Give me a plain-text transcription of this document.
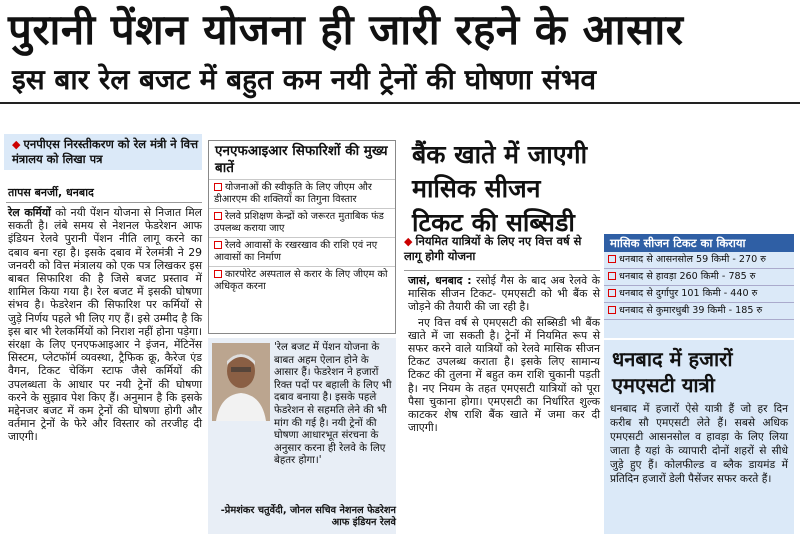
पुरानी पेंशन योजना ही जारी रहने के आसार
इस बार रेल बजट में बहुत कम नयी ट्रेनों की घोषणा संभव
◆ एनपीएस निरस्तीकरण को रेल मंत्री ने वित्त मंत्रालय को लिखा पत्र
तापस बनर्जी, धनबाद
रेल कर्मियों को नयी पेंशन योजना से निजात मिल सकती है। लंबे समय से नेशनल फेडरेशन आफ इंडियन रेलवे पुरानी पेंशन नीति लागू करने का दबाव बना रहा है। इसके दबाव में रेलमंत्री ने 29 जनवरी को वित्त मंत्रालय को एक पत्र लिखकर इस बाबत सिफारिश की है जिसे बजट प्रस्ताव में शामिल किया गया है। रेल बजट में इसकी घोषणा संभव है। फेडरेशन की सिफारिश पर कर्मियों से जुड़े निर्णय पहले भी लिए गए हैं। इसे उम्मीद है कि इस बार भी रेलकर्मियों को निराश नहीं होना पड़ेगा। संरक्षा के लिए एनएफआइआर ने इंजन, मेंटिनेंस सिस्टम, प्लेटफॉर्म व्यवस्था, ट्रैफिक क्रू, कैरेज एंड वैगन, टिकट चेकिंग स्टाफ जैसे कर्मियों की उपलब्धता के आधार पर नयी ट्रेनों की घोषणा करने के सुझाव पेश किए हैं। अनुमान है कि इसके मद्देनजर बजट में कम ट्रेनों की घोषणा होगी और वर्तमान ट्रेनों के फेरे और विस्तार को तरजीह दी जाएगी।
एनएफआइआर सिफारिशों की मुख्य बातें
योजनाओं की स्वीकृति के लिए जीएम और डीआरएम की शक्तियों का तिगुना विस्तार
रेलवे प्रशिक्षण केन्द्रों को जरूरत मुताबिक फंड उपलब्ध कराया जाए
रेलवे आवासों के रखरखाव की राशि एवं नए आवासों का निर्माण
कारपोरेट अस्पताल से करार के लिए जीएम को अधिकृत करना
'रेल बजट में पेंशन योजना के बाबत अहम ऐलान होने के आसार हैं। फेडरेशन ने हजारों रिक्त पदों पर बहाली के लिए भी दबाव बनाया है। इसके पहले फेडरेशन से सहमति लेने की भी मांग की गई है। नयी ट्रेनों की घोषणा आधारभूत संरचना के अनुसार करना ही रेलवे के लिए बेहतर होगा।'
-प्रेमशंकर चतुर्वेदी, जोनल सचिव नेशनल फेडरेशन आफ इंडियन रेलवे
बैंक खाते में जाएगी मासिक सीजन टिकट की सब्सिडी
◆ नियमित यात्रियों के लिए नए वित्त वर्ष से लागू होगी योजना
जासं, धनबाद : रसोई गैस के बाद अब रेलवे के मासिक सीजन टिकट- एमएसटी को भी बैंक से जोड़ने की तैयारी की जा रही है।
नए वित्त वर्ष से एमएसटी की सब्सिडी भी बैंक खाते में जा सकती है। ट्रेनों में नियमित रूप से सफर करने वाले यात्रियों को रेलवे मासिक सीजन टिकट उपलब्ध कराता है। इसके लिए सामान्य टिकट की तुलना में बहुत कम राशि चुकानी पड़ती है। नए नियम के तहत एमएसटी यात्रियों को पूरा पैसा चुकाना होगा। एमएसटी का निर्धारित शुल्क काटकर शेष राशि बैंक खाते में जमा कर दी जाएगी।
मासिक सीजन टिकट का किराया
धनबाद से आसनसोल 59 किमी - 270 रु
धनबाद से हावड़ा 260 किमी - 785 रु
धनबाद से दुर्गापुर 101 किमी - 440 रु
धनबाद से कुमारधुबी 39 किमी - 185 रु
धनबाद में हजारों एमएसटी यात्री
धनबाद में हजारों ऐसे यात्री हैं जो हर दिन करीब सौ एमएसटी लेते हैं। सबसे अधिक एमएसटी आसनसोल व हावड़ा के लिए लिया जाता है यहां के व्यापारी दोनों शहरों से सीधे जुड़े हुए हैं। कोलफील्ड व ब्लैक डायमंड में प्रतिदिन हजारों डेली पैसेंजर सफर करते हैं।
